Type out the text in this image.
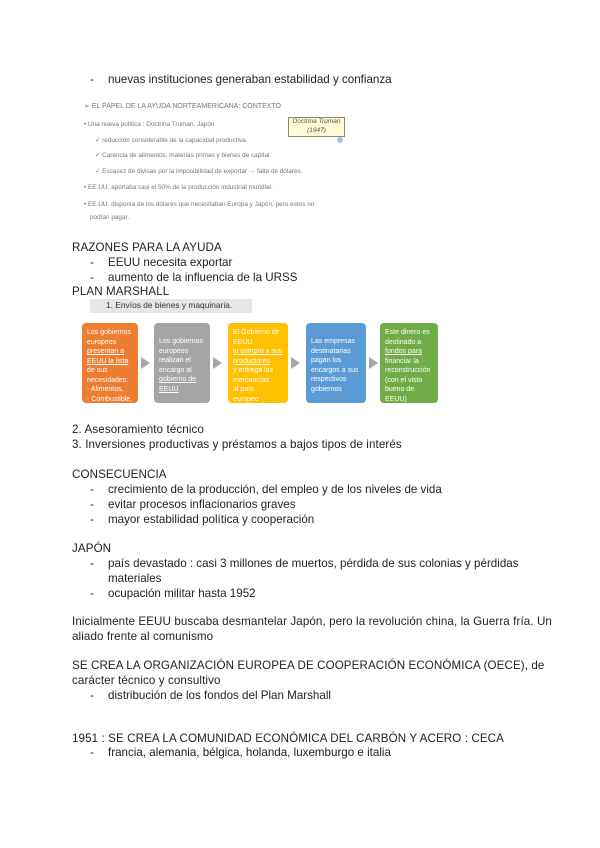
- nuevas instituciones generaban estabilidad y confianza
➢ EL PAPEL DE LA AYUDA NORTEAMERICANA: CONTEXTO
• Una nueva política : Doctrina Truman. Japón
✓ reducción considerable de la capacidad productiva.
✓ Carencia de alimentos, materias primas y bienes de capital.
✓ Escasez de divisas por la imposibilidad de exportar → falta de dólares.
• EE.UU. aportaba casi el 50% de la producción industrial mundial.
• EE.UU. disponía de los dólares que necesitaban Europa y Japón, pero estos no
podían pagar.
Doctrina Truman
(1947)
RAZONES PARA LA AYUDA
- EEUU necesita exportar
- aumento de la influencia de la URSS
PLAN MARSHALL
1. Envíos de bienes y maquinaria.
Los gobiernos
europeos
presentan a
EEUU la lista
de sus
necesidades:
- Alimentos,
- Combustible,
- Maquinaria
Los gobiernos
europeos
realizan el
encargo al
gobierno de
EEUU
El Gobierno de
EEUU
lo compra a sus
productores
y entrega las
mercancías
al país
europeo
Las empresas
destinatarias
pagan los
encargos a sus
respectivos
gobiernos
Este dinero es
destinado a
fondos para
financiar la
reconstrucción
(con el visto
bueno de EEUU)
2. Asesoramiento técnico
3. Inversiones productivas y préstamos a bajos tipos de interés
CONSECUENCIA
- crecimiento de la producción, del empleo y de los niveles de vida
- evitar procesos inflacionarios graves
- mayor estabilidad política y cooperación
JAPÓN
- país devastado : casi 3 millones de muertos, pérdida de sus colonias y pérdidas
materiales
- ocupación militar hasta 1952
Inicialmente EEUU buscaba desmantelar Japón, pero la revolución china, la Guerra fría. Un
aliado frente al comunismo
SE CREA LA ORGANIZACIÓN EUROPEA DE COOPERACIÓN ECONÓMICA (OECE), de
carácter técnico y consultivo
- distribución de los fondos del Plan Marshall
1951 : SE CREA LA COMUNIDAD ECONÓMICA DEL CARBÓN Y ACERO : CECA
- francia, alemania, bélgica, holanda, luxemburgo e italia
